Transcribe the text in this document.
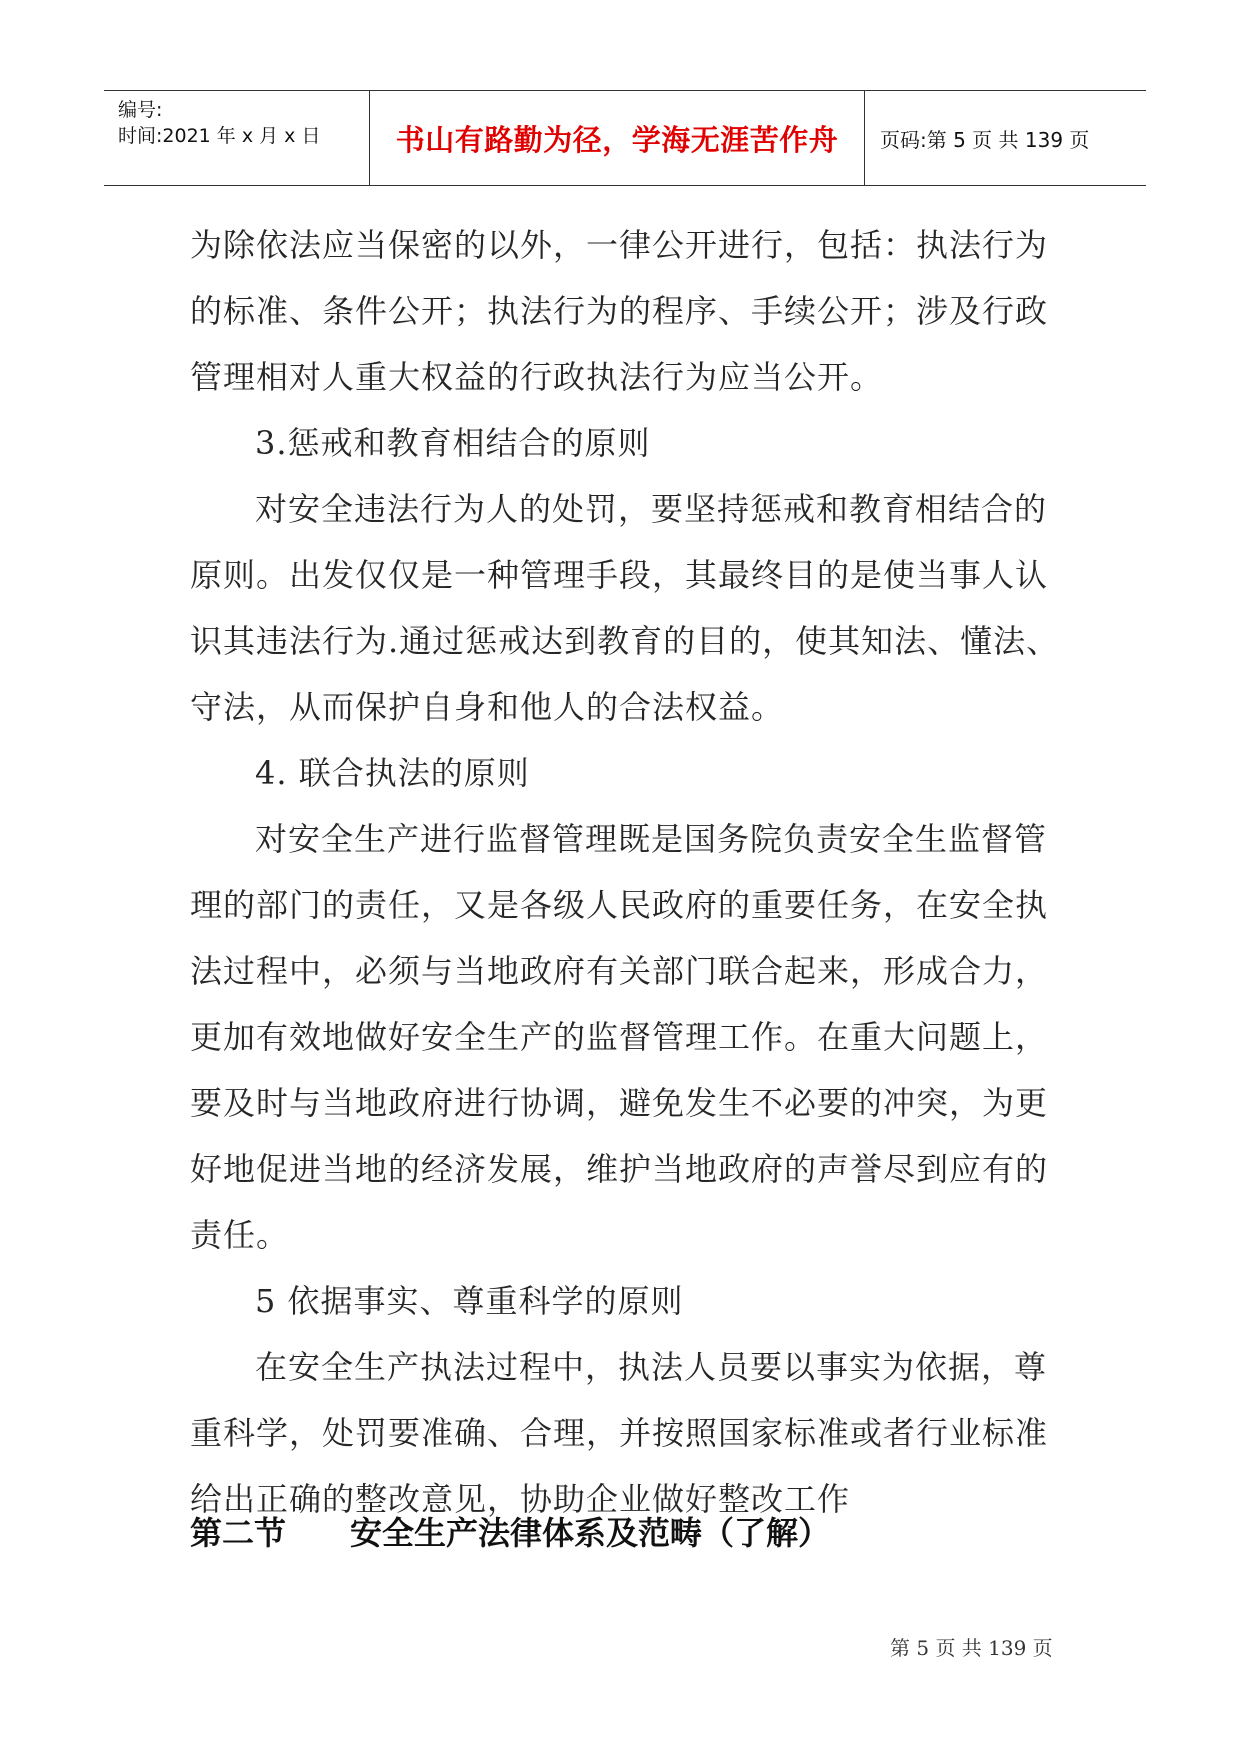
编号:
时间:2021 年 x 月 x 日	书山有路勤为径，学海无涯苦作舟	页码:第 5 页 共 139 页

为除依法应当保密的以外，一律公开进行，包括：执法行为的标准、条件公开；执法行为的程序、手续公开；涉及行政管理相对人重大权益的行政执法行为应当公开。

3.惩戒和教育相结合的原则

对安全违法行为人的处罚，要坚持惩戒和教育相结合的原则。出发仅仅是一种管理手段，其最终目的是使当事人认识其违法行为.通过惩戒达到教育的目的，使其知法、懂法、守法，从而保护自身和他人的合法权益。

4. 联合执法的原则

对安全生产进行监督管理既是国务院负责安全生监督管理的部门的责任，又是各级人民政府的重要任务，在安全执法过程中，必须与当地政府有关部门联合起来，形成合力，更加有效地做好安全生产的监督管理工作。在重大问题上，要及时与当地政府进行协调，避免发生不必要的冲突，为更好地促进当地的经济发展，维护当地政府的声誉尽到应有的责任。

5 依据事实、尊重科学的原则

在安全生产执法过程中，执法人员要以事实为依据，尊重科学，处罚要准确、合理，并按照国家标准或者行业标准给出正确的整改意见，协助企业做好整改工作

第二节　　安全生产法律体系及范畴（了解）
第 5 页 共 139 页
